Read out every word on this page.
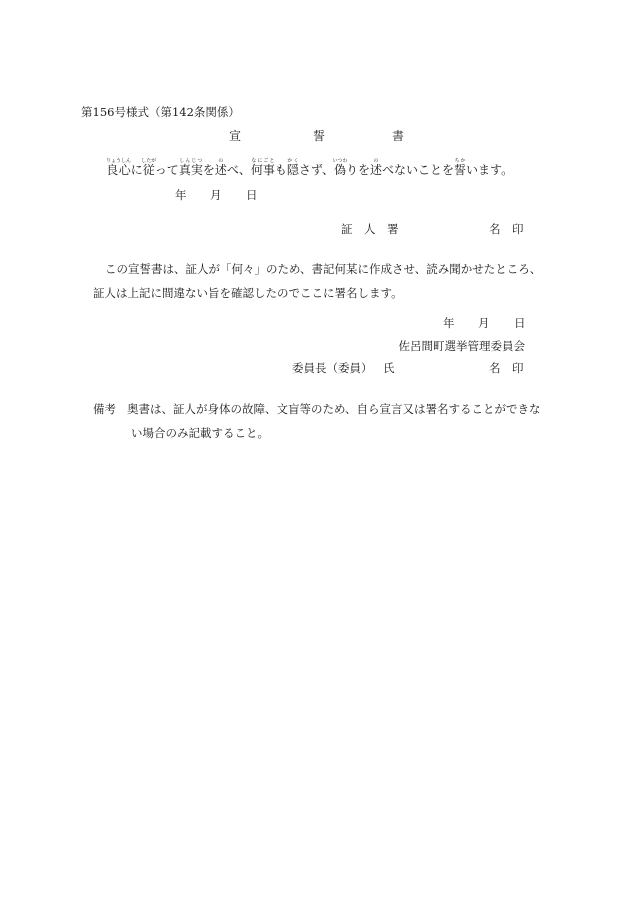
第156号様式（第142条関係）
宣	誓	書
良心りょうしんに従したがって真実しんじつを述のべ、何事なにごとも隠かくさず、偽いつわりを述のべないことを誓ちかいます。
年 月 日
証　人　署	名　印
この宣誓書は、証人が「何々」のため、書記何某に作成させ、読み聞かせたところ、
証人は上記に間違ない旨を確認したのでここに署名します。
年 月 日
佐呂間町選挙管理委員会
委員長（委員） 氏	名　印
備考 奥書は、証人が身体の故障、文盲等のため、自ら宣言又は署名することができな
い場合のみ記載すること。
